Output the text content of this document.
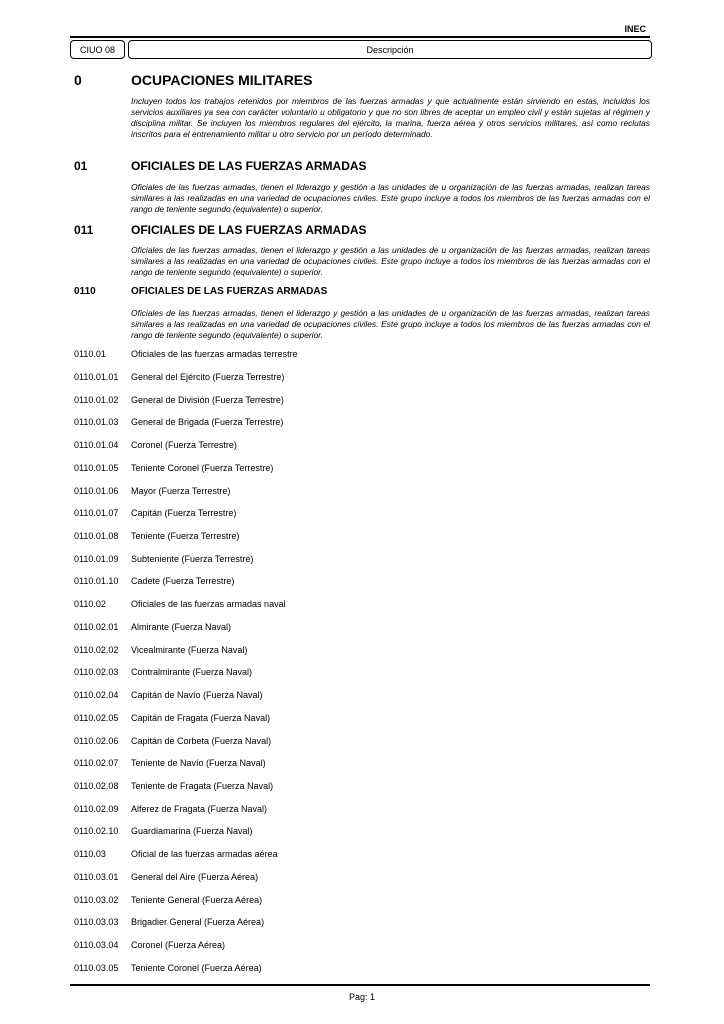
INEC
CIUO 08	Descripción
0	OCUPACIONES MILITARES

Incluyen todos los trabajos retenidos por miembros de las fuerzas armadas y que actualmente están sirviendo en estas, incluidos los servicios auxiliares ya sea con carácter voluntario u obligatorio y que no son libres de aceptar un empleo civil y están sujetas al régimen y disciplina militar. Se incluyen los miembros regulares del ejército, la marina, fuerza aérea y otros servicios militares, así como reclutas inscritos para el entrenamiento militar u otro servicio por un período determinado.

01	OFICIALES DE LAS FUERZAS ARMADAS

Oficiales de las fuerzas armadas, tienen el liderazgo y gestión a las unidades de u organización de las fuerzas armadas, realizan tareas similares a las realizadas en una variedad de ocupaciones civiles. Este grupo incluye a todos los miembros de las fuerzas armadas con el rango de teniente segundo (equivalente) o superior.

011	OFICIALES DE LAS FUERZAS ARMADAS

Oficiales de las fuerzas armadas, tienen el liderazgo y gestión a las unidades de u organización de las fuerzas armadas, realizan tareas similares a las realizadas en una variedad de ocupaciones civiles. Este grupo incluye a todos los miembros de las fuerzas armadas con el rango de teniente segundo (equivalente) o superior.

0110	OFICIALES DE LAS FUERZAS ARMADAS

Oficiales de las fuerzas armadas, tienen el liderazgo y gestión a las unidades de u organización de las fuerzas armadas, realizan tareas similares a las realizadas en una variedad de ocupaciones civiles. Este grupo incluye a todos los miembros de las fuerzas armadas con el rango de teniente segundo (equivalente) o superior.

0110.01	Oficiales de las fuerzas armadas terrestre
0110.01.01	General del Ejército (Fuerza Terrestre)
0110.01.02	General de División (Fuerza Terrestre)
0110.01.03	General de Brigada (Fuerza Terrestre)
0110.01.04	Coronel (Fuerza Terrestre)
0110.01.05	Teniente Coronel (Fuerza Terrestre)
0110.01.06	Mayor (Fuerza Terrestre)
0110.01.07	Capitán (Fuerza Terrestre)
0110.01.08	Teniente (Fuerza Terrestre)
0110.01.09	Subteniente (Fuerza Terrestre)
0110.01.10	Cadete (Fuerza Terrestre)
0110.02	Oficiales de las fuerzas armadas naval
0110.02.01	Almirante (Fuerza Naval)
0110.02.02	Vicealmirante (Fuerza Naval)
0110.02.03	Contralmirante (Fuerza Naval)
0110.02.04	Capitán de Navío (Fuerza Naval)
0110.02.05	Capitán de Fragata (Fuerza Naval)
0110.02.06	Capitán de Corbeta (Fuerza Naval)
0110.02.07	Teniente de Navío (Fuerza Naval)
0110.02.08	Teniente de Fragata (Fuerza Naval)
0110.02.09	Alferez de Fragata (Fuerza Naval)
0110.02.10	Guardiamarina (Fuerza Naval)
0110.03	Oficial de las fuerzas armadas aérea
0110.03.01	General del Aire (Fuerza Aérea)
0110.03.02	Teniente General (Fuerza Aérea)
0110.03.03	Brigadier General (Fuerza Aérea)
0110.03.04	Coronel (Fuerza Aérea)
0110.03.05	Teniente Coronel (Fuerza Aérea)
Pag: 1
